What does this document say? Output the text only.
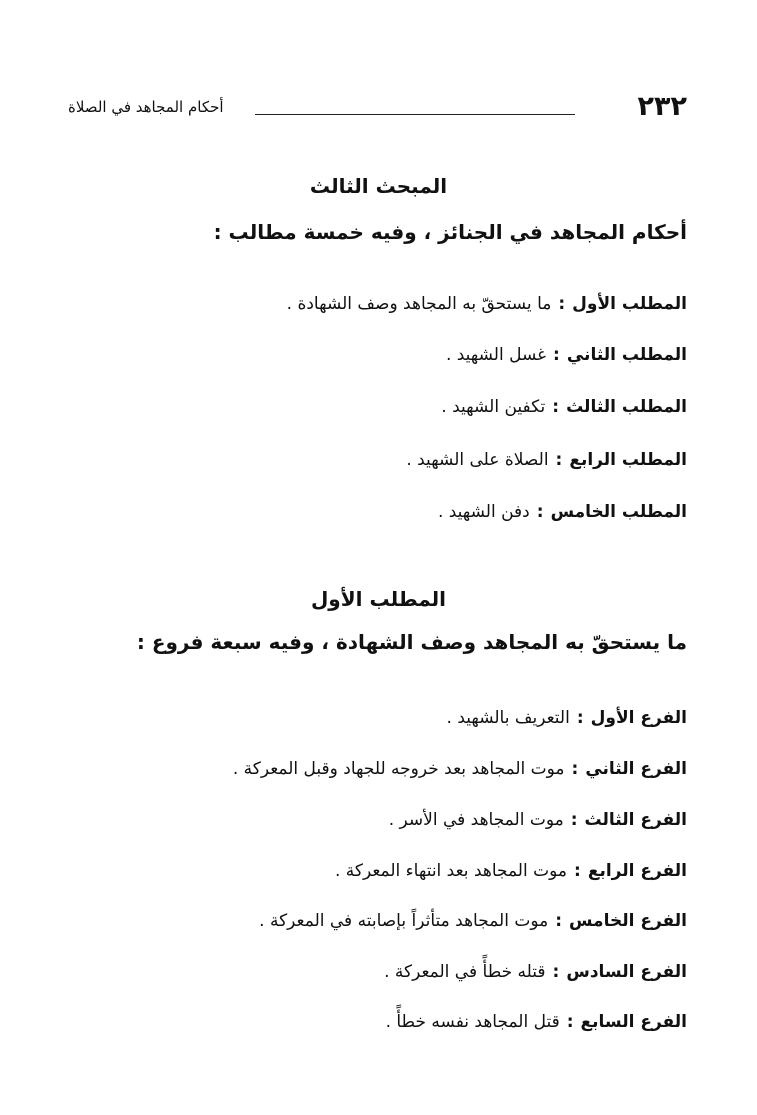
٢٣٢
أحكام المجاهد في الصلاة
المبحث الثالث
أحكام المجاهد في الجنائز ، وفيه خمسة مطالب :
المطلب الأول:ما يستحقّ به المجاهد وصف الشهادة .
المطلب الثاني:غسل الشهيد .
المطلب الثالث:تكفين الشهيد .
المطلب الرابع:الصلاة على الشهيد .
المطلب الخامس:دفن الشهيد .
المطلب الأول
ما يستحقّ به المجاهد وصف الشهادة ، وفيه سبعة فروع :
الفرع الأول:التعريف بالشهيد .
الفرع الثاني:موت المجاهد بعد خروجه للجهاد وقبل المعركة .
الفرع الثالث:موت المجاهد في الأسر .
الفرع الرابع:موت المجاهد بعد انتهاء المعركة .
الفرع الخامس:موت المجاهد متأثراً بإصابته في المعركة .
الفرع السادس:قتله خطأً في المعركة .
الفرع السابع:قتل المجاهد نفسه خطأً .
